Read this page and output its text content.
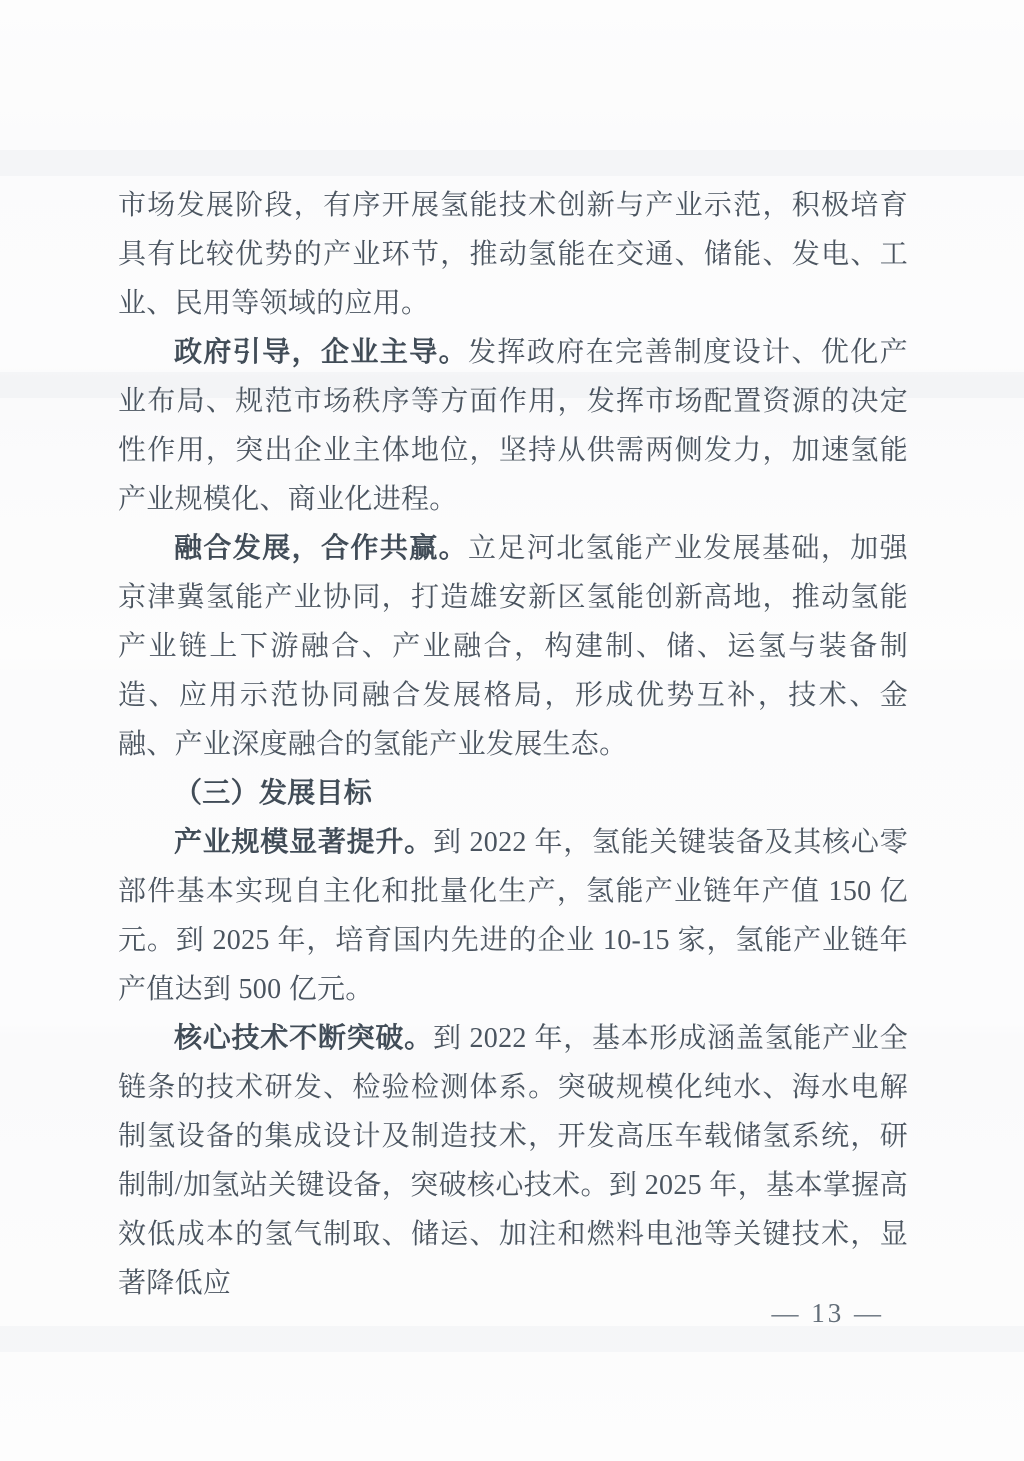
市场发展阶段，有序开展氢能技术创新与产业示范，积极培育具有比较优势的产业环节，推动氢能在交通、储能、发电、工业、民用等领域的应用。

政府引导，企业主导。发挥政府在完善制度设计、优化产业布局、规范市场秩序等方面作用，发挥市场配置资源的决定性作用，突出企业主体地位，坚持从供需两侧发力，加速氢能产业规模化、商业化进程。

融合发展，合作共赢。立足河北氢能产业发展基础，加强京津冀氢能产业协同，打造雄安新区氢能创新高地，推动氢能产业链上下游融合、产业融合，构建制、储、运氢与装备制造、应用示范协同融合发展格局，形成优势互补，技术、金融、产业深度融合的氢能产业发展生态。

（三）发展目标

产业规模显著提升。到 2022 年，氢能关键装备及其核心零部件基本实现自主化和批量化生产，氢能产业链年产值 150 亿元。到 2025 年，培育国内先进的企业 10-15 家，氢能产业链年产值达到 500 亿元。

核心技术不断突破。到 2022 年，基本形成涵盖氢能产业全链条的技术研发、检验检测体系。突破规模化纯水、海水电解制氢设备的集成设计及制造技术，开发高压车载储氢系统，研制制/加氢站关键设备，突破核心技术。到 2025 年，基本掌握高效低成本的氢气制取、储运、加注和燃料电池等关键技术，显著降低应

— 13 —
